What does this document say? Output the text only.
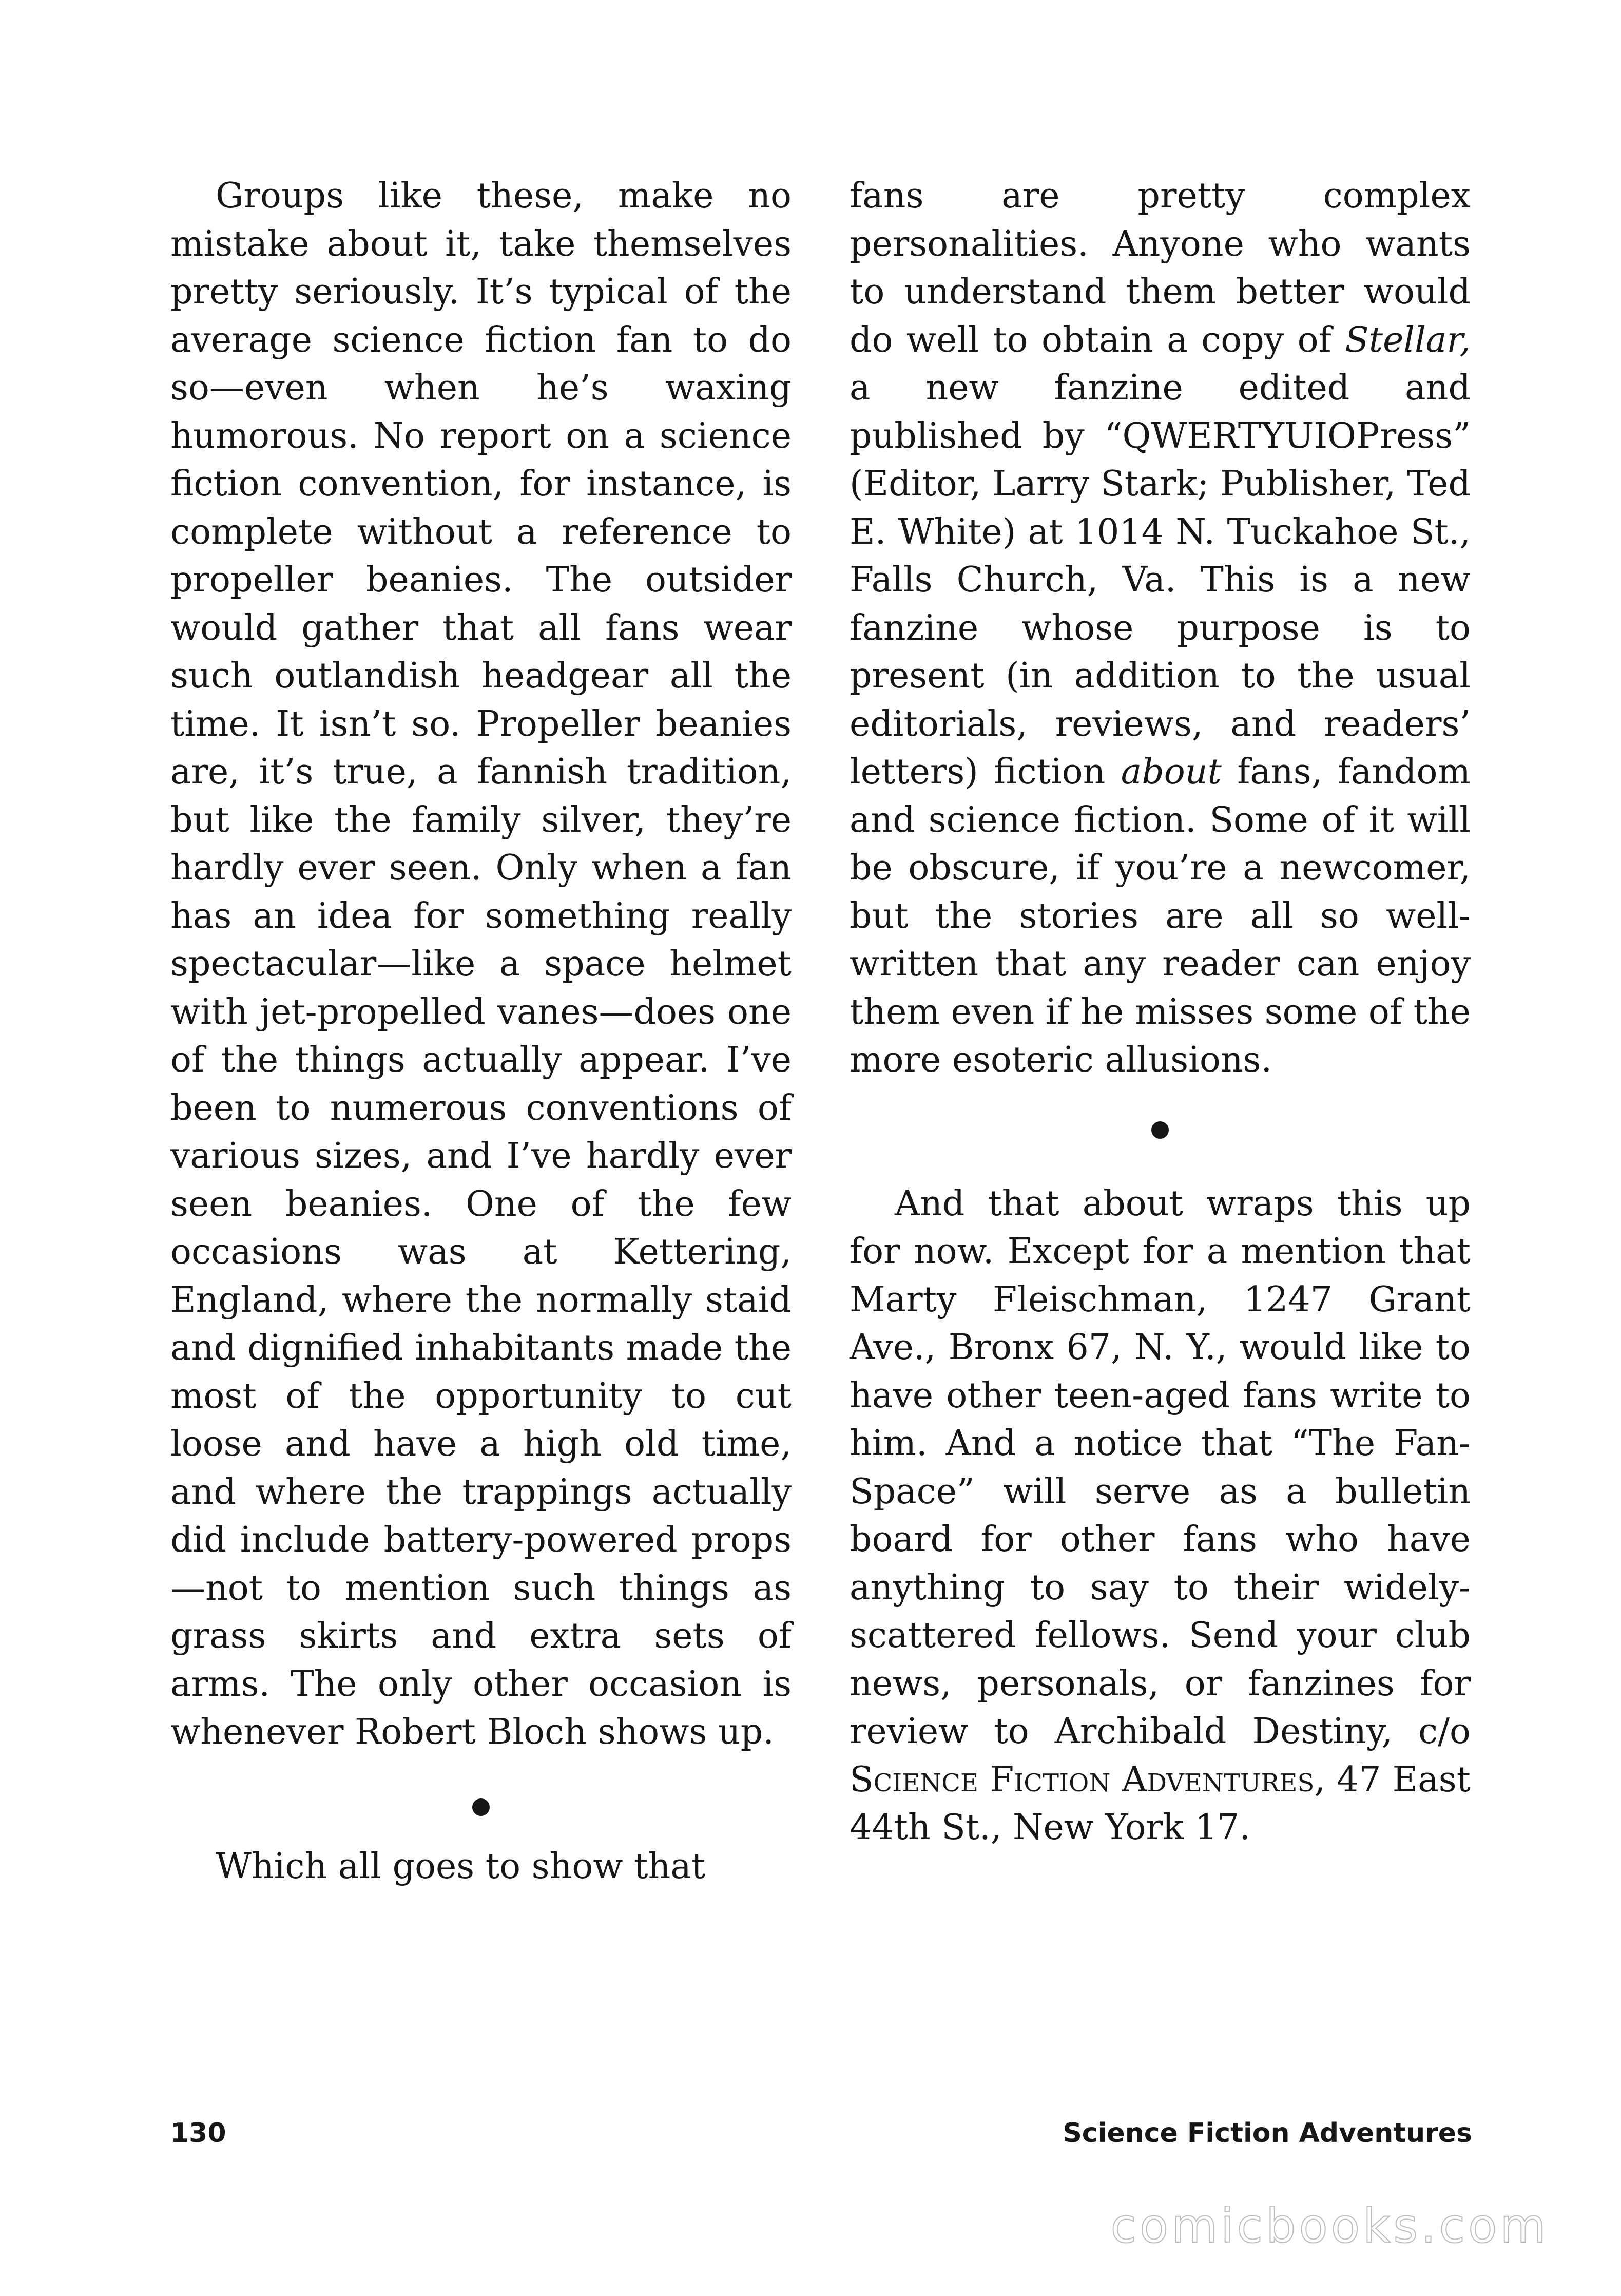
Groups like these, make no mistake about it, take themselves pretty seriously. It’s typical of the average science fiction fan to do so—even when he’s waxing humorous. No report on a science fiction convention, for instance, is complete without a reference to propeller beanies. The outsider would gather that all fans wear such outlandish headgear all the time. It isn’t so. Propeller beanies are, it’s true, a fannish tradition, but like the family silver, they’re hardly ever seen. Only when a fan has an idea for something really spectacular—like a space helmet with jet-propelled vanes—does one of the things actually appear. I’ve been to numerous conventions of various sizes, and I’ve hardly ever seen beanies. One of the few occasions was at Kettering, England, where the normally staid and dignified inhabitants made the most of the opportunity to cut loose and have a high old time, and where the trappings actually did include battery-powered props—not to mention such things as grass skirts and extra sets of arms. The only other occasion is whenever Robert Bloch shows up.

Which all goes to show that

fans are pretty complex personalities. Anyone who wants to understand them better would do well to obtain a copy of Stellar, a new fanzine edited and published by “QWERTYUIOPress” (Editor, Larry Stark; Publisher, Ted E. White) at 1014 N. Tuckahoe St., Falls Church, Va. This is a new fanzine whose purpose is to present (in addition to the usual editorials, reviews, and readers’ letters) fiction about fans, fandom and science fiction. Some of it will be obscure, if you’re a newcomer, but the stories are all so well-written that any reader can enjoy them even if he misses some of the more esoteric allusions.

And that about wraps this up for now. Except for a mention that Marty Fleischman, 1247 Grant Ave., Bronx 67, N. Y., would like to have other teen-aged fans write to him. And a notice that “The Fan-Space” will serve as a bulletin board for other fans who have anything to say to their widely-scattered fellows. Send your club news, personals, or fanzines for review to Archibald Destiny, c/o Science Fiction Adventures, 47 East 44th St., New York 17.

130	Science Fiction Adventures
comicbooks.com
